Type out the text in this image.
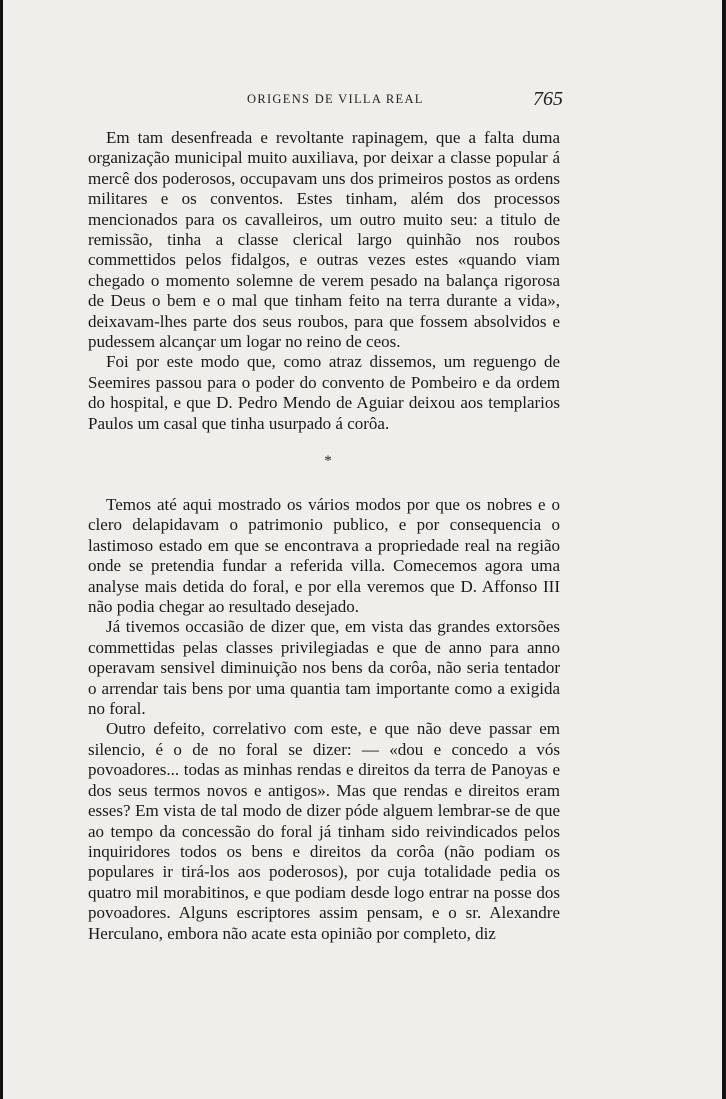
ORIGENS DE VILLA REAL	765

Em tam desenfreada e revoltante rapinagem, que a falta duma organização municipal muito auxiliava, por deixar a classe popular á mercê dos poderosos, occupavam uns dos primeiros postos as ordens militares e os conventos. Estes tinham, além dos processos mencionados para os cavalleiros, um outro muito seu: a titulo de remissão, tinha a classe clerical largo quinhão nos roubos commettidos pelos fidalgos, e outras vezes estes «quando viam chegado o momento solemne de verem pesado na balança rigorosa de Deus o bem e o mal que tinham feito na terra durante a vida», deixavam-lhes parte dos seus roubos, para que fossem absolvidos e pudessem alcançar um logar no reino de ceos.

Foi por este modo que, como atraz dissemos, um reguengo de Seemires passou para o poder do convento de Pombeiro e da ordem do hospital, e que D. Pedro Mendo de Aguiar deixou aos templarios Paulos um casal que tinha usurpado á corôa.

*

Temos até aqui mostrado os vários modos por que os nobres e o clero delapidavam o patrimonio publico, e por consequencia o lastimoso estado em que se encontrava a propriedade real na região onde se pretendia fundar a referida villa. Comecemos agora uma analyse mais detida do foral, e por ella veremos que D. Affonso III não podia chegar ao resultado desejado.

Já tivemos occasião de dizer que, em vista das grandes extorsões commettidas pelas classes privilegiadas e que de anno para anno operavam sensivel diminuição nos bens da corôa, não seria tentador o arrendar tais bens por uma quantia tam importante como a exigida no foral.

Outro defeito, correlativo com este, e que não deve passar em silencio, é o de no foral se dizer: — «dou e concedo a vós povoadores... todas as minhas rendas e direitos da terra de Panoyas e dos seus termos novos e antigos». Mas que rendas e direitos eram esses? Em vista de tal modo de dizer póde alguem lembrar-se de que ao tempo da concessão do foral já tinham sido reivindicados pelos inquiridores todos os bens e direitos da corôa (não podiam os populares ir tirá-los aos poderosos), por cuja totalidade pedia os quatro mil morabitinos, e que podiam desde logo entrar na posse dos povoadores. Alguns escriptores assim pensam, e o sr. Alexandre Herculano, embora não acate esta opinião por completo, diz
